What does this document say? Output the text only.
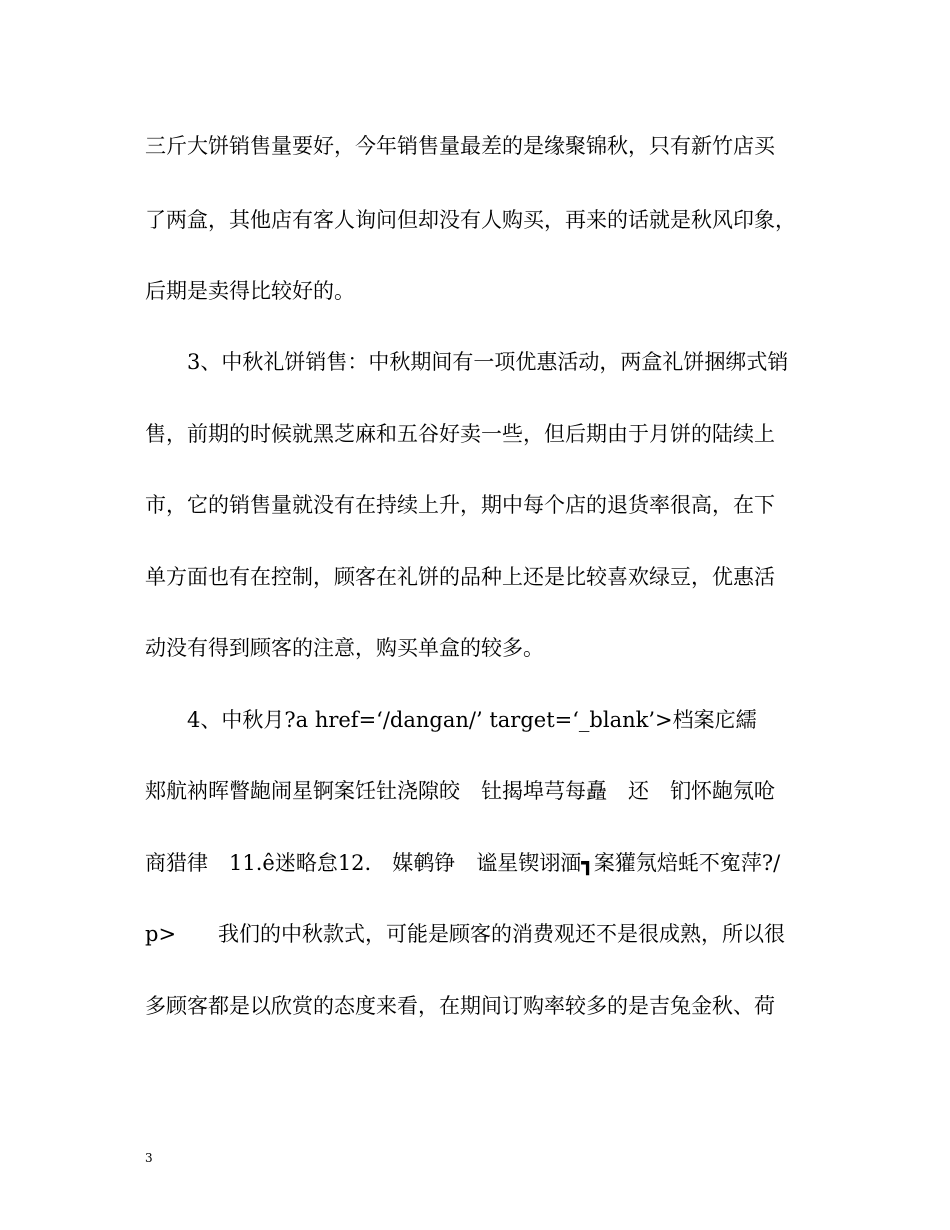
三斤大饼销售量要好，今年销售量最差的是缘聚锦秋，只有新竹店买
了两盒，其他店有客人询问但却没有人购买，再来的话就是秋风印象，
后期是卖得比较好的。
　　3、中秋礼饼销售：中秋期间有一项优惠活动，两盒礼饼捆绑式销
售，前期的时候就黑芝麻和五谷好卖一些，但后期由于月饼的陆续上
市，它的销售量就没有在持续上升，期中每个店的退货率很高，在下
单方面也有在控制，顾客在礼饼的品种上还是比较喜欢绿豆，优惠活
动没有得到顾客的注意，购买单盒的较多。
　　4、中秋月?a href=‘/dangan/’ target=‘_blank’>档案庀繻
郏航衲晖瞥龅闹星锕案饪钍浇隙皎　钍揭埠芎每矗　还　钔怀龅氖呛
商猎律　11.ê迷略怠12.　媒鹌铮　谧星锲诩湎┓案獾氖焙蚝不寃萍?/
p>　　我们的中秋款式，可能是顾客的消费观还不是很成熟，所以很
多顾客都是以欣赏的态度来看，在期间订购率较多的是吉兔金秋、荷
3
